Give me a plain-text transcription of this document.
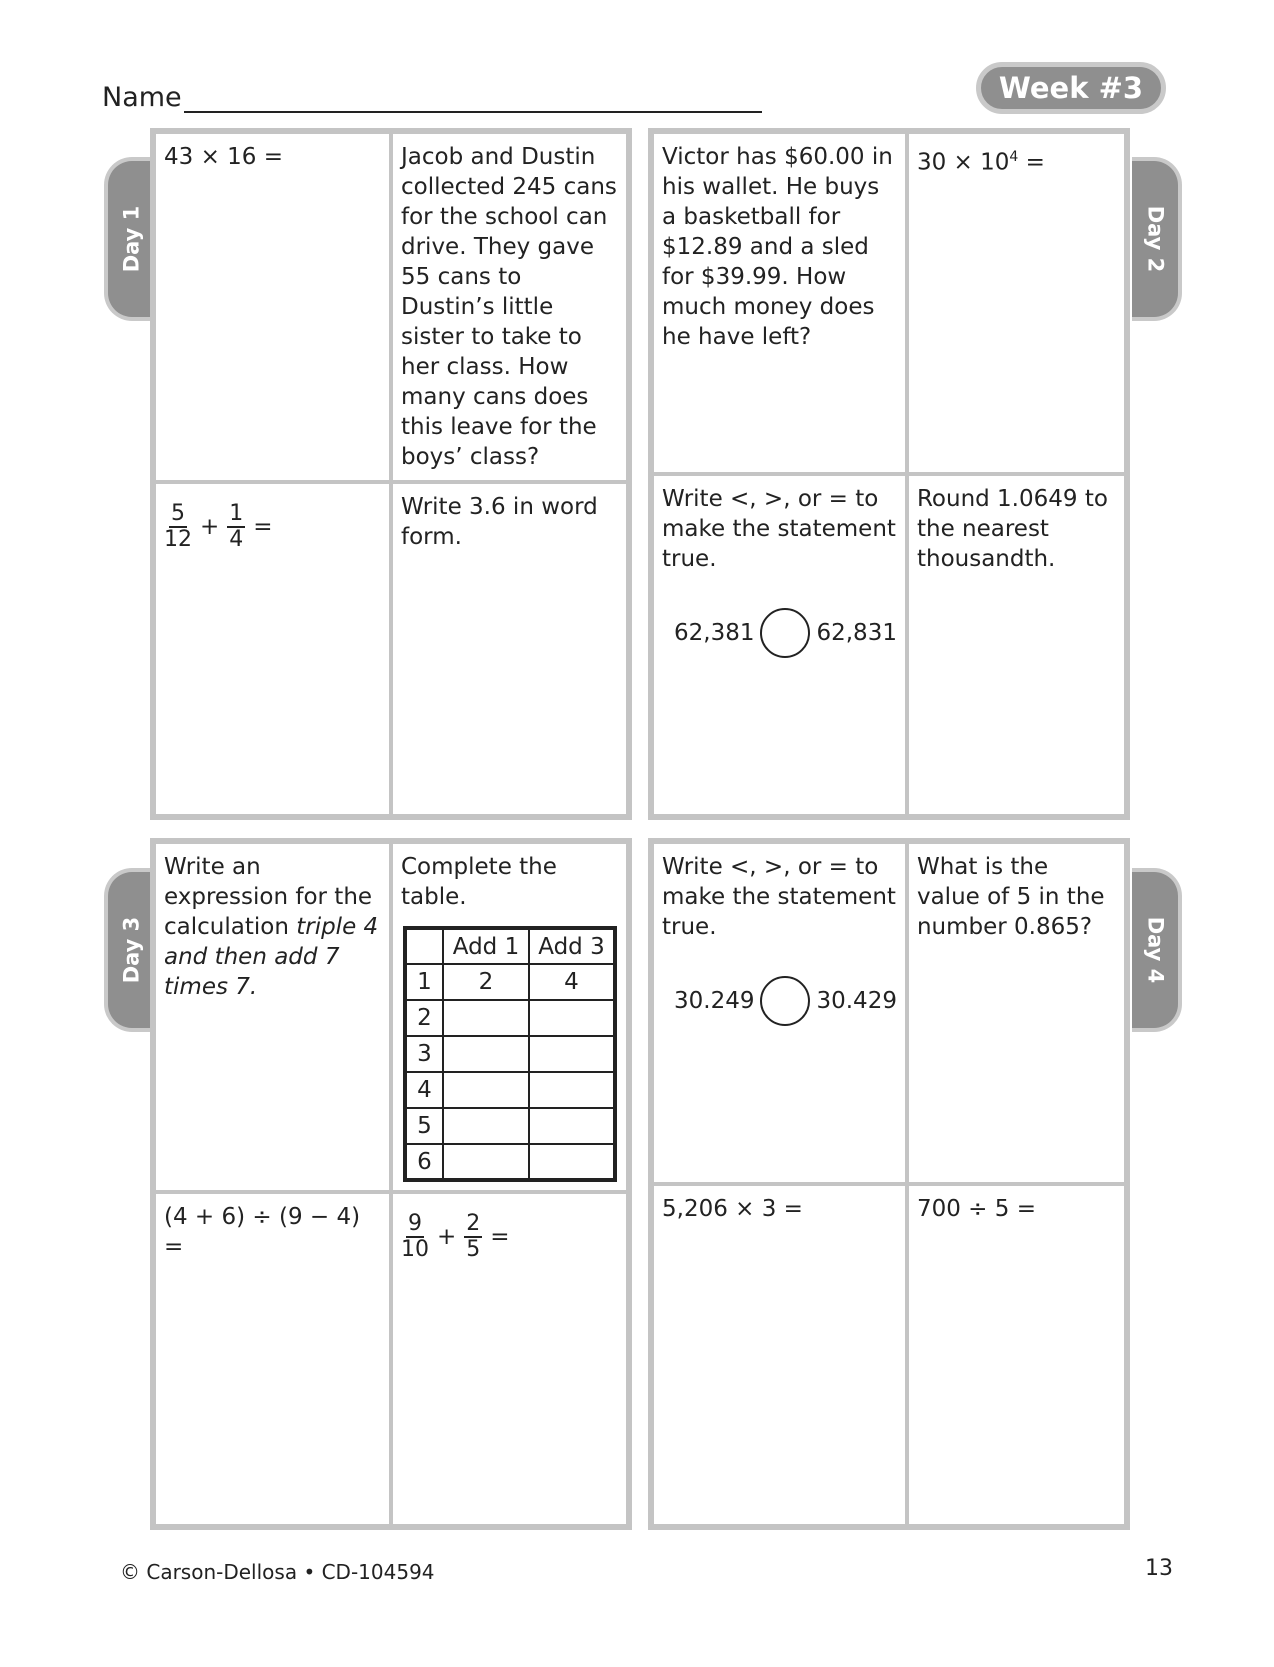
Name	Week #3
Day 1	Day 2
Day 3	Day 4
43 × 16 =	Jacob and Dustin collected 245 cans for the school can drive. They gave 55 cans to Dustin’s little sister to take to her class. How many cans does this leave for the boys’ class?
$\frac{5}{12} + \frac{1}{4}$ =
Write 3.6 in word form.
Victor has $60.00 in his wallet. He buys a basketball for $12.89 and a sled for $39.99. How much money does he have left?
$30 \times 10^4$ =
Write <, >, or = to make the statement true.
62,381	62,831
Round 1.0649 to the nearest thousandth.
Write an expression for the calculation triple 4 and then add 7 times 7.
Complete the table.
	Add 1	Add 3
1	2	4
2		
3		
4		
5		
6		
(4 + 6) ÷ (9 − 4) =	$\frac{9}{10} + \frac{2}{5}$ =
Write <, >, or = to make the statement true.
30.249	30.429
What is the value of 5 in the number 0.865?
5,206 × 3 =	700 ÷ 5 =
© Carson-Dellosa • CD-104594	13
